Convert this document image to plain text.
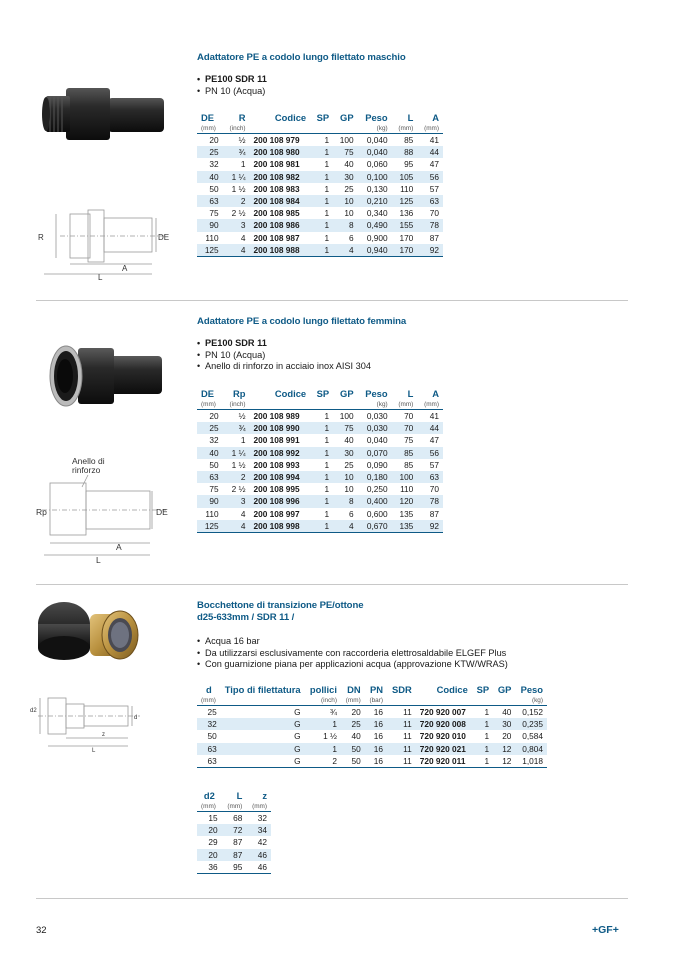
R	DE
A
L
Adattatore PE a codolo lungo filettato maschio
• PE100 SDR 11
• PN 10 (Acqua)
DE	R	Codice	SP	GP	Peso	L	A
(mm)	(inch)				(kg)	(mm)	(mm)
20	½	200 108 979	1	100	0,040	85	41
25	¾	200 108 980	1	75	0,040	88	44
32	1	200 108 981	1	40	0,060	95	47
40	1 ¼	200 108 982	1	30	0,100	105	56
50	1 ½	200 108 983	1	25	0,130	110	57
63	2	200 108 984	1	10	0,210	125	63
75	2 ½	200 108 985	1	10	0,340	136	70
90	3	200 108 986	1	8	0,490	155	78
110	4	200 108 987	1	6	0,900	170	87
125	4	200 108 988	1	4	0,940	170	92
Anello di
rinforzo
Rp	DE
A
L
Adattatore PE a codolo lungo filettato femmina
• PE100 SDR 11
• PN 10 (Acqua)
• Anello di rinforzo in acciaio inox AISI 304
DE	Rp	Codice	SP	GP	Peso	L	A
(mm)	(inch)				(kg)	(mm)	(mm)
20	½	200 108 989	1	100	0,030	70	41
25	¾	200 108 990	1	75	0,030	70	44
32	1	200 108 991	1	40	0,040	75	47
40	1 ¼	200 108 992	1	30	0,070	85	56
50	1 ½	200 108 993	1	25	0,090	85	57
63	2	200 108 994	1	10	0,180	100	63
75	2 ½	200 108 995	1	10	0,250	110	70
90	3	200 108 996	1	8	0,400	120	78
110	4	200 108 997	1	6	0,600	135	87
125	4	200 108 998	1	4	0,670	135	92
d2
d
L
z
Bocchettone di transizione PE/ottone
d25-633mm / SDR 11 /
• Acqua 16 bar
• Da utilizzarsi esclusivamente con raccorderia elettrosaldabile ELGEF Plus
• Con guarnizione piana per applicazioni acqua (approvazione KTW/WRAS)
d	Tipo di filettatura	pollici	DN	PN	SDR	Codice	SP	GP	Peso
(mm)		(inch)	(mm)	(bar)					(kg)
25	G	¾	20	16	11	720 920 007	1	40	0,152
32	G	1	25	16	11	720 920 008	1	30	0,235
50	G	1 ½	40	16	11	720 920 010	1	20	0,584
63	G	1	50	16	11	720 920 021	1	12	0,804
63	G	2	50	16	11	720 920 011	1	12	1,018
d2	L	z
(mm)	(mm)	(mm)
15	68	32
20	72	34
29	87	42
20	87	46
36	95	46
32	+GF+
